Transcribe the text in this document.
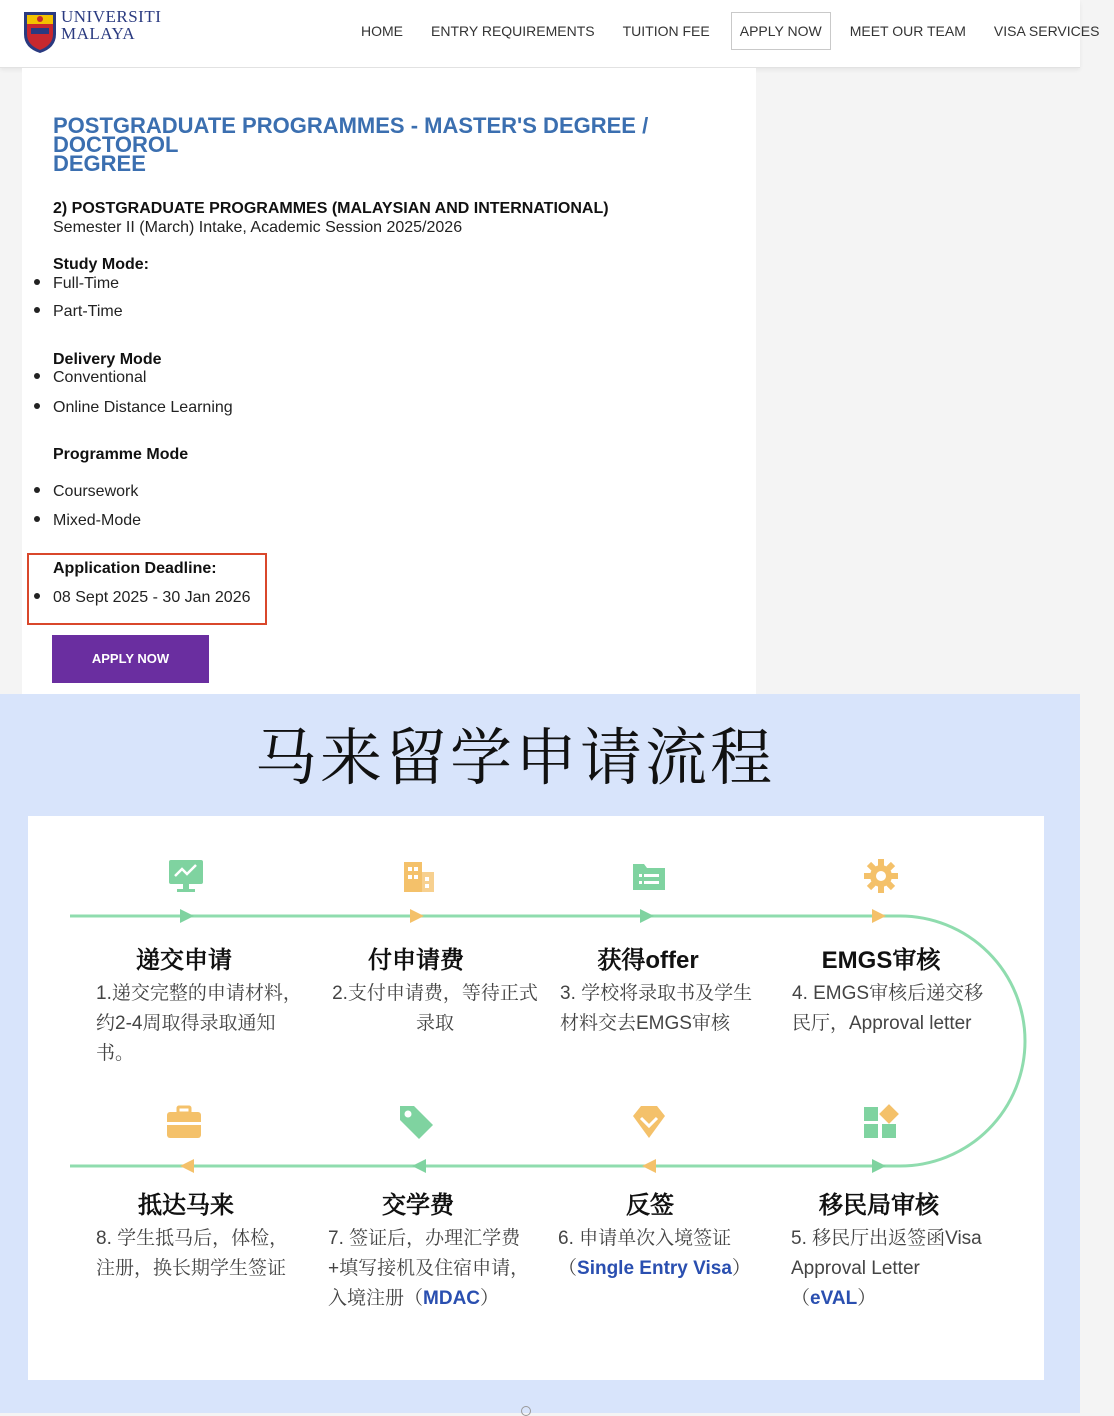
UNIVERSITI
MALAYA	HOME	ENTRY REQUIREMENTS	TUITION FEE	APPLY NOW	MEET OUR TEAM	VISA SERVICES
POSTGRADUATE PROGRAMMES - MASTER'S DEGREE / DOCTOROL
DEGREE
2) POSTGRADUATE PROGRAMMES (MALAYSIAN AND INTERNATIONAL)
Semester II (March) Intake, Academic Session 2025/2026
Study Mode:
Full-Time
Part-Time
Delivery Mode
Conventional
Online Distance Learning
Programme Mode
Coursework
Mixed-Mode
Application Deadline:
08 Sept 2025 - 30 Jan 2026
APPLY NOW
马来留学申请流程
递交申请	付申请费	获得offer	EMGS审核
1.递交完整的申请材料，约2-4周取得录取通知书。
2.支付申请费，等待正式录取
3. 学校将录取书及学生材料交去EMGS审核
4. EMGS审核后递交移民厅，Approval letter
抵达马来	交学费	反签	移民局审核
8. 学生抵马后，体检，注册，换长期学生签证
7. 签证后，办理汇学费+填写接机及住宿申请，入境注册（MDAC）
6. 申请单次入境签证（Single Entry Visa）
5. 移民厅出返签函Visa Approval Letter
（eVAL）
